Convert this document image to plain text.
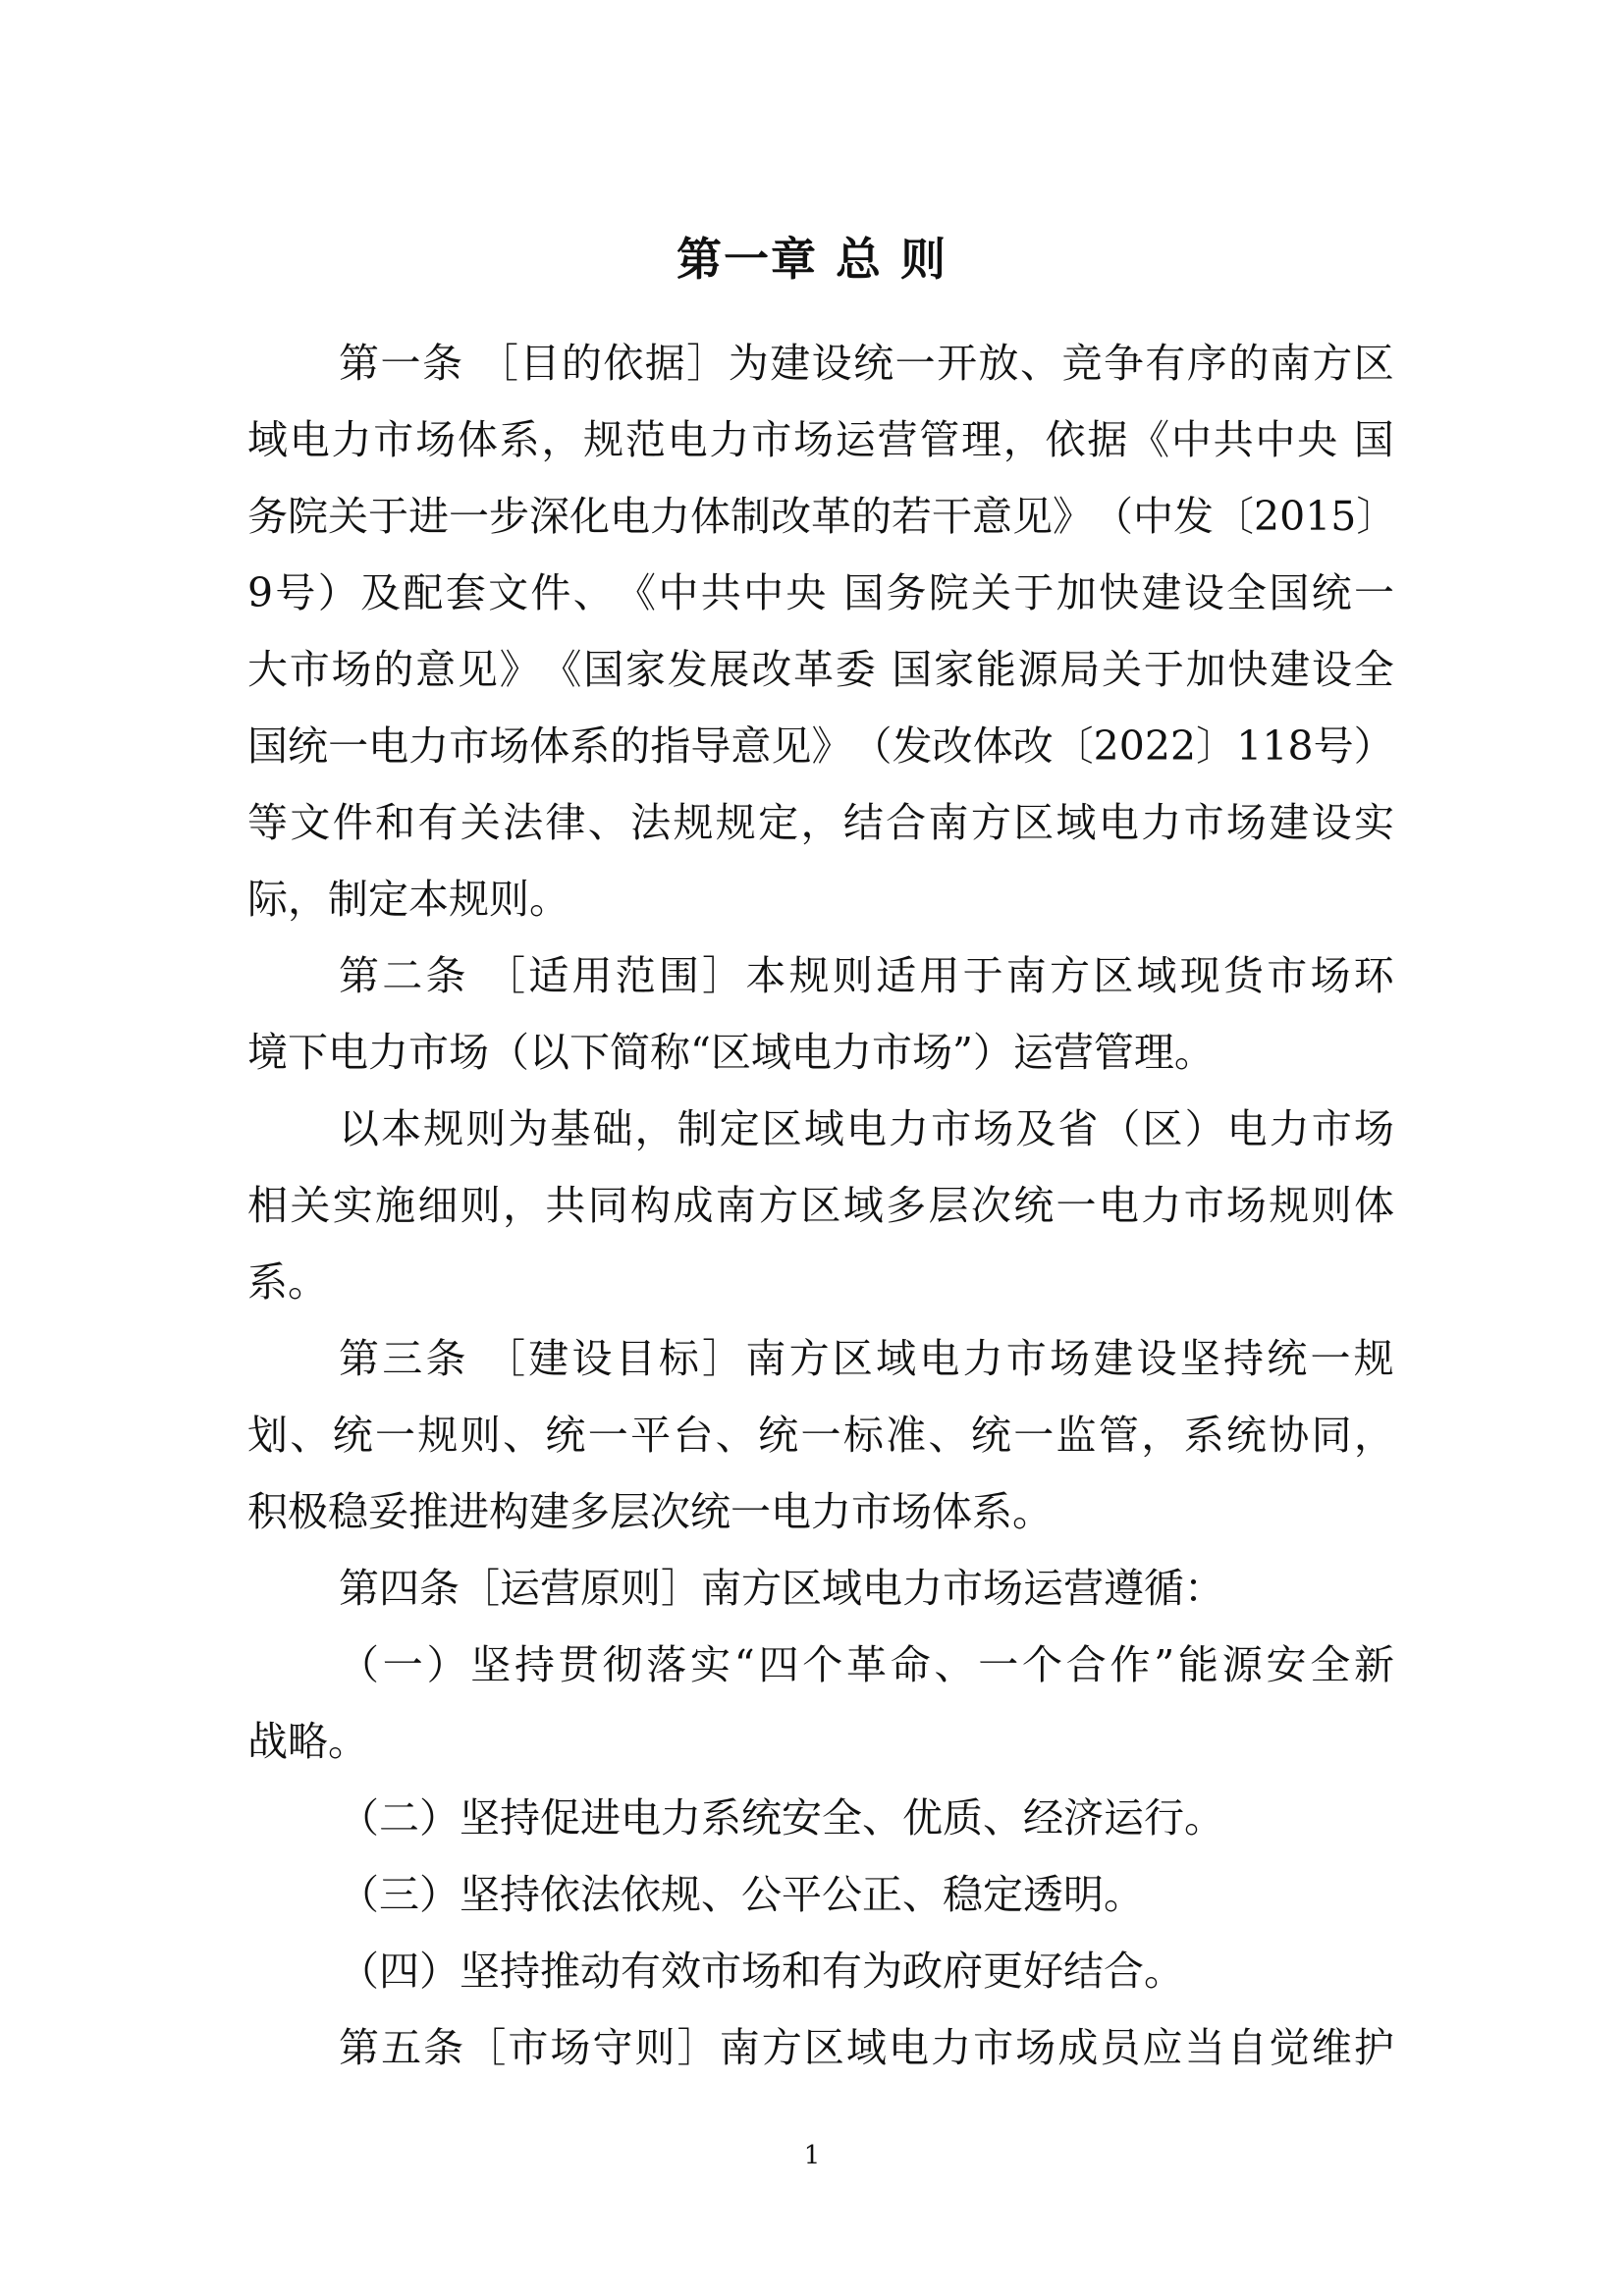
第一章 总 则
第 一 条
［ 目 的 依 据 ］ 为 建 设 统 一 开 放 、 竞 争 有 序 的 南 方 区
域 电 力 市 场 体 系 ， 规 范 电 力 市 场 运 营 管 理 ， 依 据 《 中 共 中 央
国
务 院 关 于 进 一 步 深 化 电 力 体 制 改 革 的 若 干 意 见 》 （ 中 发 〔 2 0 1 5 〕
9 号 ） 及 配 套 文 件 、 《 中 共 中 央
国 务 院 关 于 加 快 建 设 全 国 统 一
大 市 场 的 意 见 》 《 国 家 发 展 改 革 委
国 家 能 源 局 关 于 加 快 建 设 全
国 统 一 电 力 市 场 体 系 的 指 导 意 见 》 （ 发 改 体 改 〔 2 0 2 2 〕 1 1 8 号 ）
等 文 件 和 有 关 法 律 、 法 规 规 定 ， 结 合 南 方 区 域 电 力 市 场 建 设 实
际，制定本规则。
第 二 条
［ 适 用 范 围 ］ 本 规 则 适 用 于 南 方 区 域 现 货 市 场 环
境下电力市场（以下简称“区域电力市场”）运营管理。
以 本 规 则 为 基 础 ， 制 定 区 域 电 力 市 场 及 省 （ 区 ） 电 力 市 场
相 关 实 施 细 则 ， 共 同 构 成 南 方 区 域 多 层 次 统 一 电 力 市 场 规 则 体
系。
第 三 条
［ 建 设 目 标 ］ 南 方 区 域 电 力 市 场 建 设 坚 持 统 一 规
划 、 统 一 规 则 、 统 一 平 台 、 统 一 标 准 、 统 一 监 管 ， 系 统 协 同 ，
积极稳妥推进构建多层次统一电力市场体系。
第四条［运营原则］南方区域电力市场运营遵循：
（ 一 ） 坚 持 贯 彻 落 实 “ 四 个 革 命 、 一 个 合 作 ” 能 源 安 全 新
战略。
（二）坚持促进电力系统安全、优质、经济运行。
（三）坚持依法依规、公平公正、稳定透明。
（四）坚持推动有效市场和有为政府更好结合。
第 五 条 ［ 市 场 守 则 ］ 南 方 区 域 电 力 市 场 成 员 应 当 自 觉 维 护
1
